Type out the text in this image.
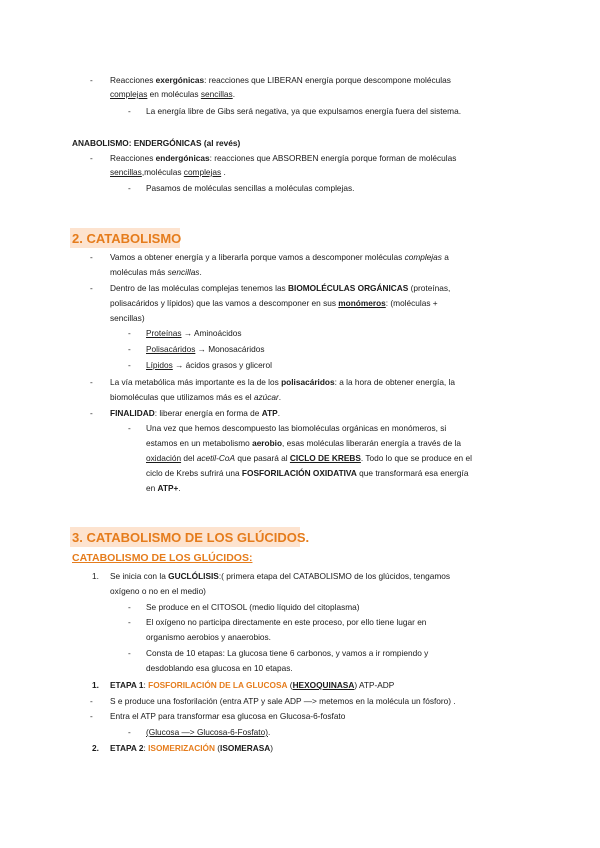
- Reacciones exergónicas: reacciones que LIBERAN energía porque descompone moléculas
complejas en moléculas sencillas.
- La energía libre de Gibs será negativa, ya que expulsamos energía fuera del sistema.
ANABOLISMO: ENDERGÓNICAS (al revés)
- Reacciones endergónicas: reacciones que ABSORBEN energía porque forman de moléculas
sencillas,moléculas complejas .
- Pasamos de moléculas sencillas a moléculas complejas.
2. CATABOLISMO
- Vamos a obtener energía y a liberarla porque vamos a descomponer moléculas complejas a
moléculas más sencillas.
- Dentro de las moléculas complejas tenemos las BIOMOLÉCULAS ORGÁNICAS (proteínas,
polisacáridos y lípidos) que las vamos a descomponer en sus monómeros: (moléculas +
sencillas)
- Proteínas → Aminoácidos
- Polisacáridos → Monosacáridos
- Lípidos → ácidos grasos y glicerol
- La vía metabólica más importante es la de los polisacáridos: a la hora de obtener energía, la
biomoléculas que utilizamos más es el azúcar.
- FINALIDAD: liberar energía en forma de ATP.
- Una vez que hemos descompuesto las biomoléculas orgánicas en monómeros, si
estamos en un metabolismo aerobio, esas moléculas liberarán energía a través de la
oxidación del acetil-CoA que pasará al CICLO DE KREBS. Todo lo que se produce en el
ciclo de Krebs sufrirá una FOSFORILACIÓN OXIDATIVA que transformará esa energía
en ATP+.
3. CATABOLISMO DE LOS GLÚCIDOS.
CATABOLISMO DE LOS GLÚCIDOS:
1. Se inicia con la GUCLÓLISIS:( primera etapa del CATABOLISMO de los glúcidos, tengamos
oxígeno o no en el medio)
- Se produce en el CITOSOL (medio líquido del citoplasma)
- El oxígeno no participa directamente en este proceso, por ello tiene lugar en
organismo aerobios y anaerobios.
- Consta de 10 etapas: La glucosa tiene 6 carbonos, y vamos a ir rompiendo y
desdoblando esa glucosa en 10 etapas.
1. ETAPA 1: FOSFORILACIÓN DE LA GLUCOSA (HEXOQUINASA) ATP-ADP
- S e produce una fosforilación (entra ATP y sale ADP —> metemos en la molécula un fósforo) .
- Entra el ATP para transformar esa glucosa en Glucosa-6-fosfato
- (Glucosa —> Glucosa-6-Fosfato).
2. ETAPA 2: ISOMERIZACIÓN (ISOMERASA)
